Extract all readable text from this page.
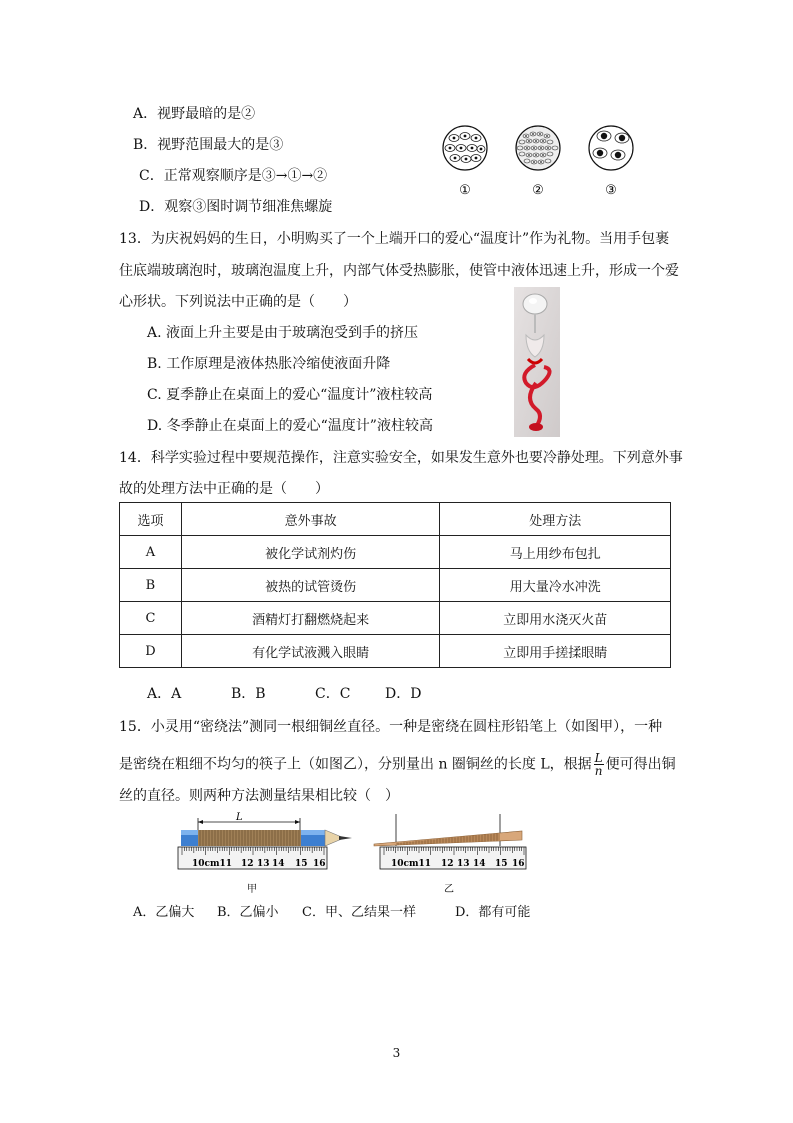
A．视野最暗的是②
B．视野范围最大的是③
C．正常观察顺序是③→①→②
D．观察③图时调节细准焦螺旋
①	②	③
13．为庆祝妈妈的生日，小明购买了一个上端开口的爱心“温度计”作为礼物。当用手包裹
住底端玻璃泡时，玻璃泡温度上升，内部气体受热膨胀，使管中液体迅速上升，形成一个爱
心形状。下列说法中正确的是（　　）
A. 液面上升主要是由于玻璃泡受到手的挤压
B. 工作原理是液体热胀冷缩使液面升降
C. 夏季静止在桌面上的爱心“温度计”液柱较高
D. 冬季静止在桌面上的爱心“温度计”液柱较高
14．科学实验过程中要规范操作，注意实验安全，如果发生意外也要冷静处理。下列意外事
故的处理方法中正确的是（　　）
选项	意外事故	处理方法
A	被化学试剂灼伤	马上用纱布包扎
B	被热的试管烫伤	用大量冷水冲洗
C	酒精灯打翻燃烧起来	立即用水浇灭火苗
D	有化学试液溅入眼睛	立即用手搓揉眼睛
A．A	B．B	C．C D．D
15．小灵用“密绕法”测同一根细铜丝直径。一种是密绕在圆柱形铅笔上（如图甲），一种
是密绕在粗细不均匀的筷子上（如图乙），分别量出 n 圈铜丝的长度 L，根据 $\frac{L}{n}$ 便可得出铜
丝的直径。则两种方法测量结果相比较（　）
L
10cm11 12 13 14 15 16
甲
10cm11 12 13 14 15 16
乙
A．乙偏大 B．乙偏小 C．甲、乙结果一样	D．都有可能
3
